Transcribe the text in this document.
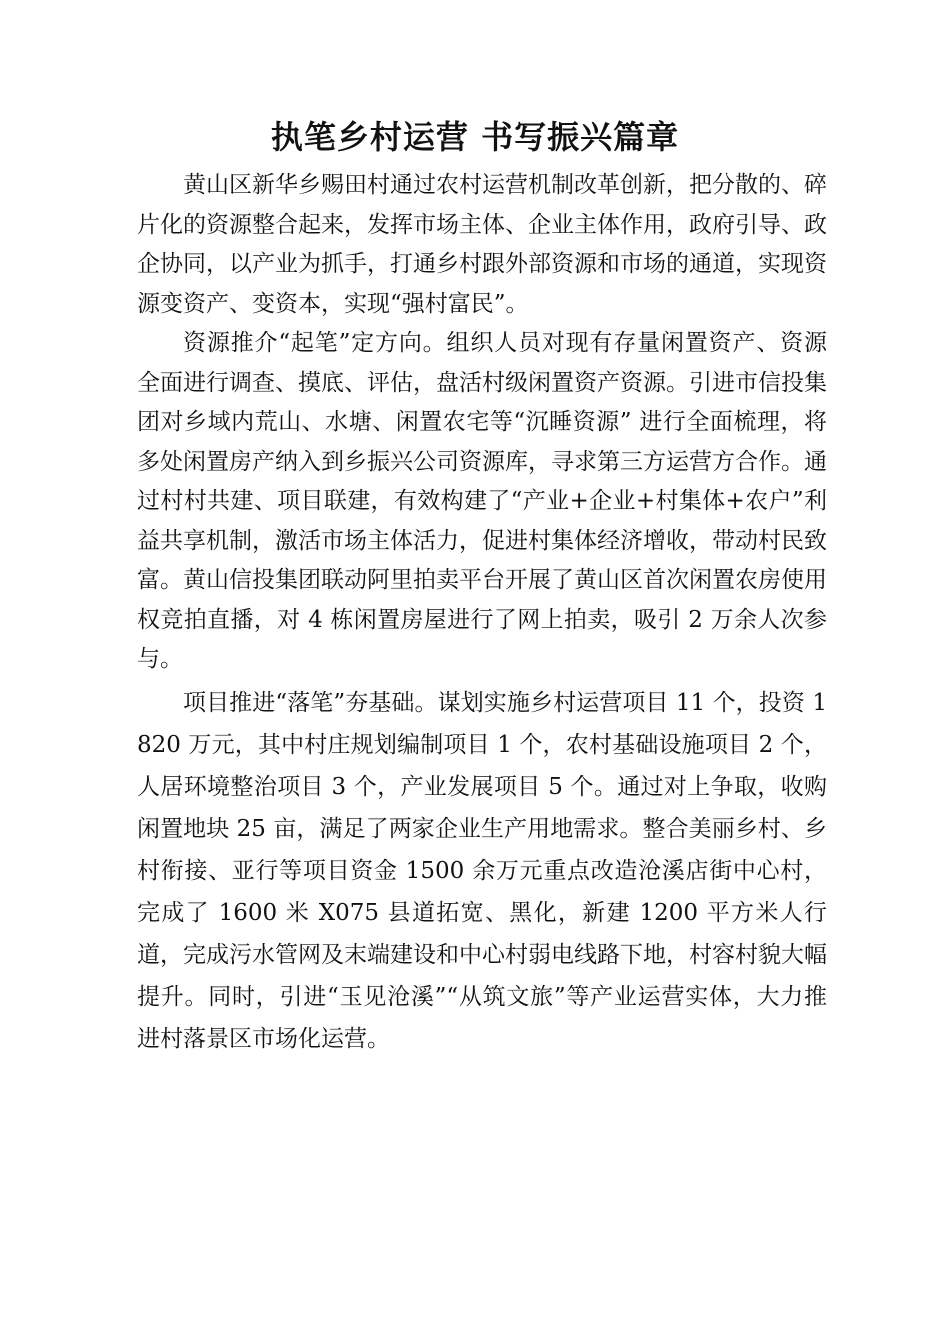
执笔乡村运营 书写振兴篇章

黄山区新华乡赐田村通过农村运营机制改革创新，把分散的、碎片化的资源整合起来，发挥市场主体、企业主体作用，政府引导、政企协同，以产业为抓手，打通乡村跟外部资源和市场的通道，实现资源变资产、变资本，实现“强村富民”。

资源推介“起笔”定方向。组织人员对现有存量闲置资产、资源全面进行调查、摸底、评估，盘活村级闲置资产资源。引进市信投集团对乡域内荒山、水塘、闲置农宅等“沉睡资源” 进行全面梳理，将多处闲置房产纳入到乡振兴公司资源库，寻求第三方运营方合作。通过村村共建、项目联建，有效构建了“产业+企业+村集体+农户”利益共享机制，激活市场主体活力，促进村集体经济增收，带动村民致富。黄山信投集团联动阿里拍卖平台开展了黄山区首次闲置农房使用权竞拍直播，对 4 栋闲置房屋进行了网上拍卖，吸引 2 万余人次参与。

项目推进“落笔”夯基础。谋划实施乡村运营项目 11 个，投资 1820 万元，其中村庄规划编制项目 1 个，农村基础设施项目 2 个，人居环境整治项目 3 个，产业发展项目 5 个。通过对上争取，收购闲置地块 25 亩，满足了两家企业生产用地需求。整合美丽乡村、乡村衔接、亚行等项目资金 1500 余万元重点改造沧溪店街中心村，完成了 1600 米 X075 县道拓宽、黑化，新建 1200 平方米人行道，完成污水管网及末端建设和中心村弱电线路下地，村容村貌大幅提升。同时，引进“玉见沧溪”“从筑文旅”等产业运营实体，大力推进村落景区市场化运营。
